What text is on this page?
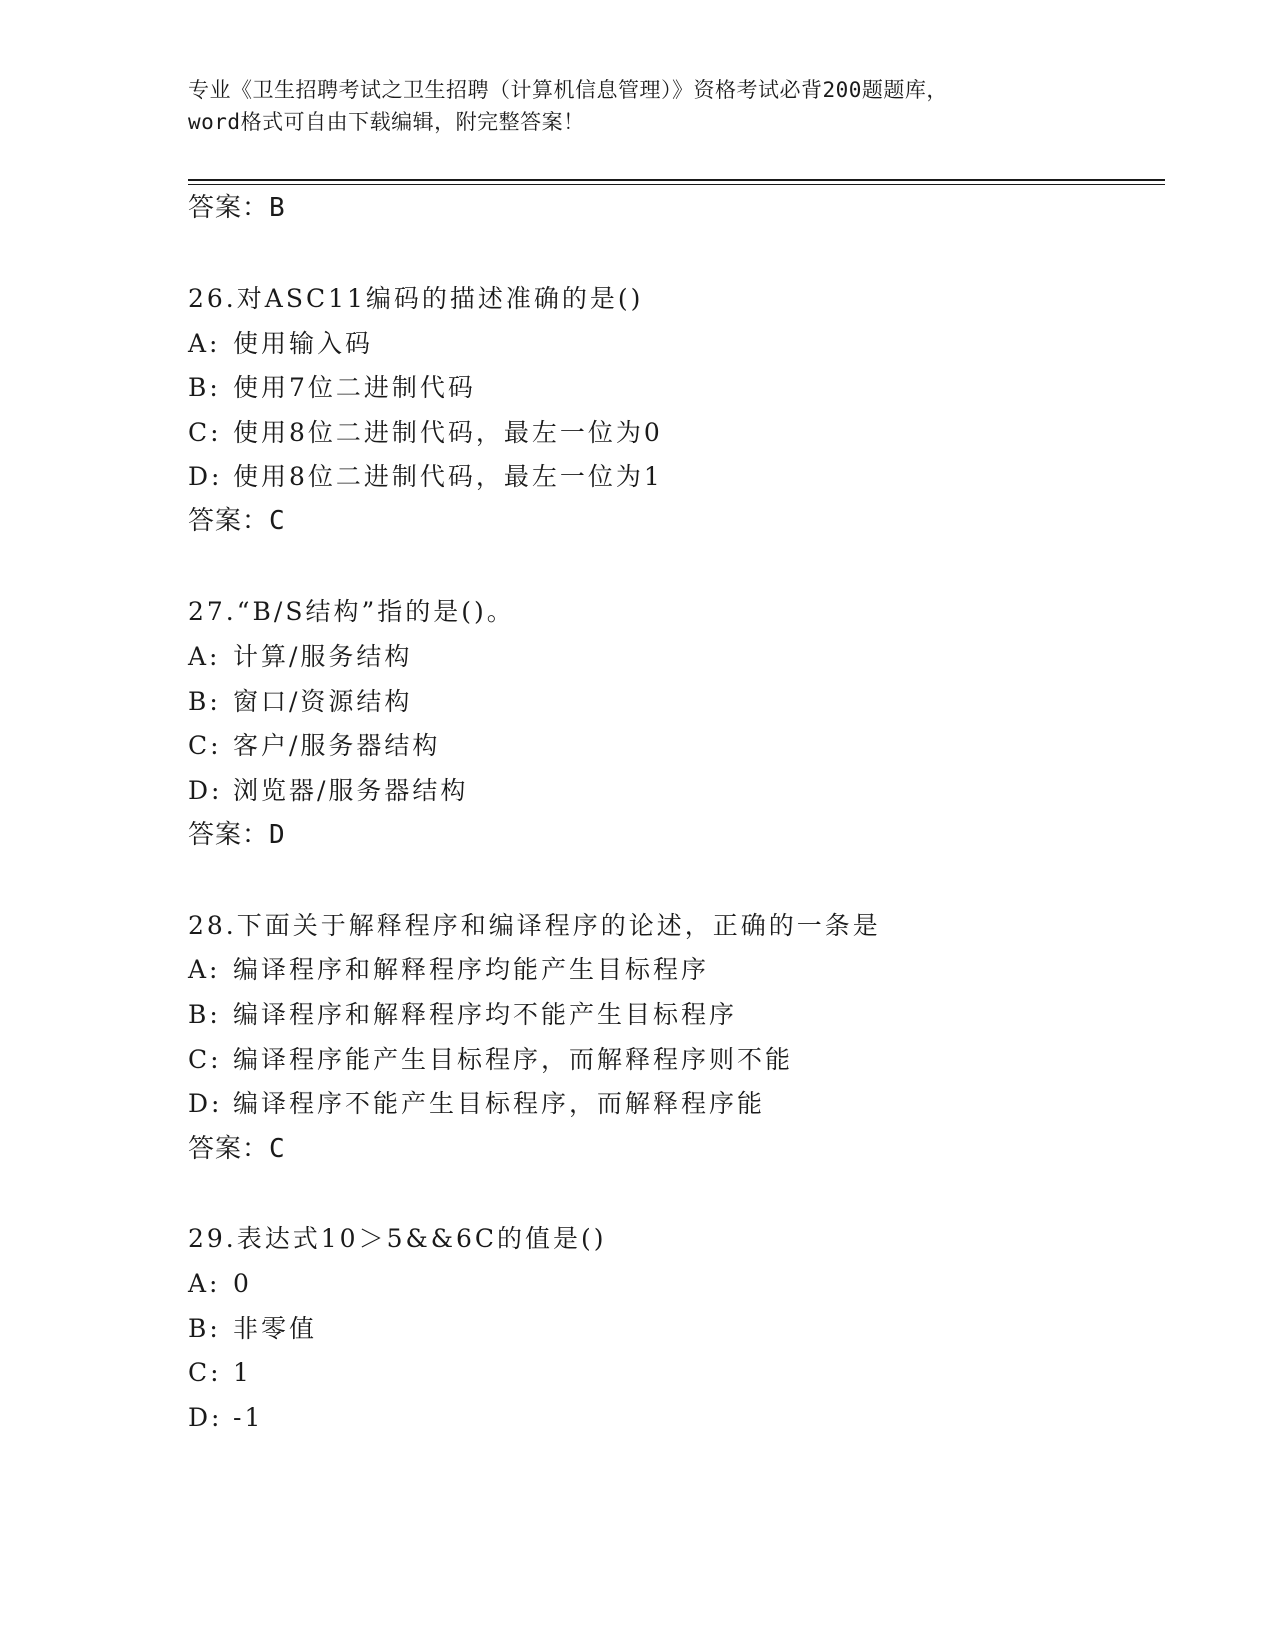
专业《卫生招聘考试之卫生招聘（计算机信息管理）》资格考试必背200题题库，
word格式可自由下载编辑，附完整答案！
答案：B
26.对ASC11编码的描述准确的是()
A: 使用输入码
B: 使用7位二进制代码
C: 使用8位二进制代码，最左一位为0
D: 使用8位二进制代码，最左一位为1
答案：C
27.“B/S结构”指的是()。
A: 计算/服务结构
B: 窗口/资源结构
C: 客户/服务器结构
D: 浏览器/服务器结构
答案：D
28.下面关于解释程序和编译程序的论述，正确的一条是
A: 编译程序和解释程序均能产生目标程序
B: 编译程序和解释程序均不能产生目标程序
C: 编译程序能产生目标程序，而解释程序则不能
D: 编译程序不能产生目标程序，而解释程序能
答案：C
29.表达式10＞5&&6C的值是()
A: 0
B: 非零值
C: 1
D: -1
